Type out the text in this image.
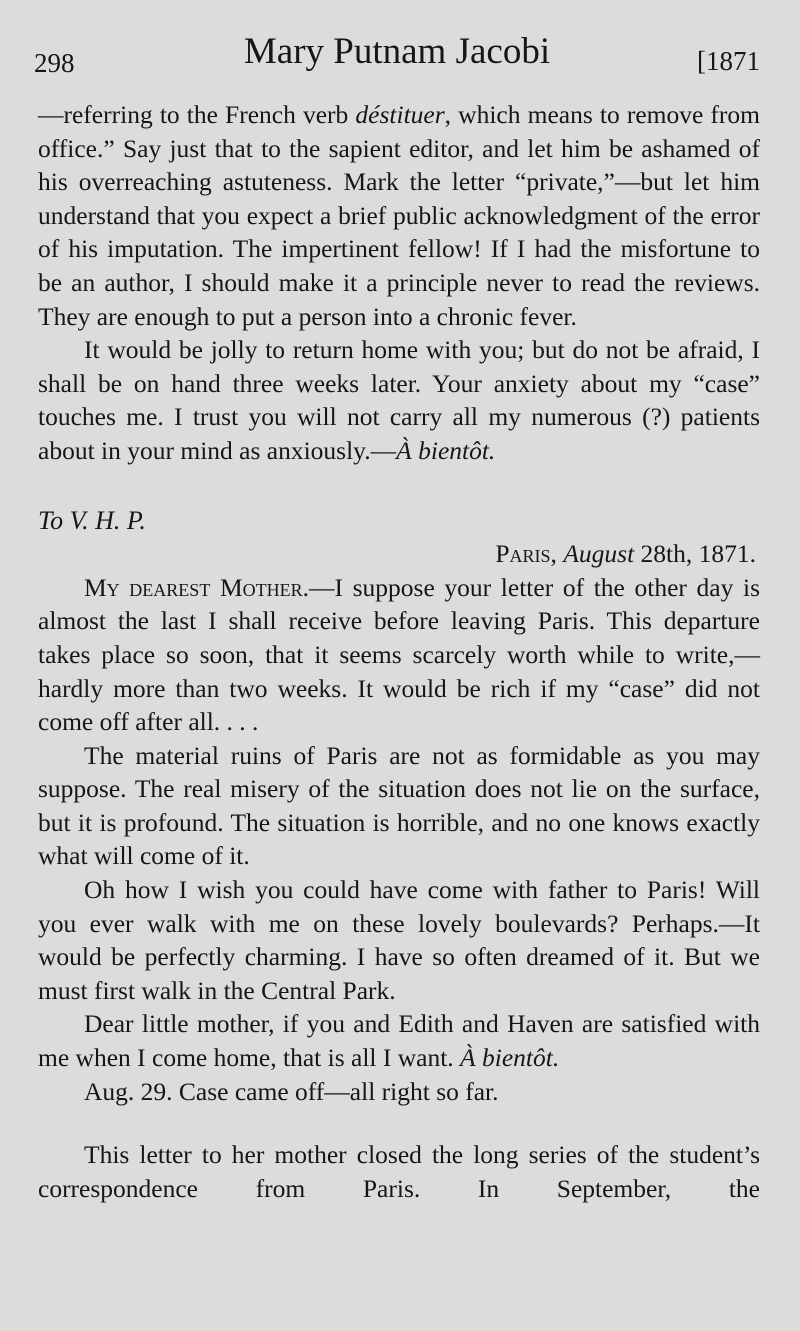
298	Mary Putnam Jacobi	[1871

—referring to the French verb déstituer, which means to remove from office.” Say just that to the sapient editor, and let him be ashamed of his overreaching astuteness. Mark the letter “private,”—but let him understand that you expect a brief public acknowledgment of the error of his imputation. The impertinent fellow! If I had the misfortune to be an author, I should make it a principle never to read the reviews. They are enough to put a person into a chronic fever.

It would be jolly to return home with you; but do not be afraid, I shall be on hand three weeks later. Your anxiety about my “case” touches me. I trust you will not carry all my numerous (?) patients about in your mind as anxiously.—À bientôt.

To V. H. P.

Paris, August 28th, 1871.

My dearest Mother.—I suppose your letter of the other day is almost the last I shall receive before leaving Paris. This departure takes place so soon, that it seems scarcely worth while to write,—hardly more than two weeks. It would be rich if my “case” did not come off after all. . . .

The material ruins of Paris are not as formidable as you may suppose. The real misery of the situation does not lie on the surface, but it is profound. The situation is horrible, and no one knows exactly what will come of it.

Oh how I wish you could have come with father to Paris! Will you ever walk with me on these lovely boulevards? Perhaps.—It would be perfectly charming. I have so often dreamed of it. But we must first walk in the Central Park.

Dear little mother, if you and Edith and Haven are satisfied with me when I come home, that is all I want. À bientôt.

Aug. 29. Case came off—all right so far.

This letter to her mother closed the long series of the student’s correspondence from Paris. In September, the
